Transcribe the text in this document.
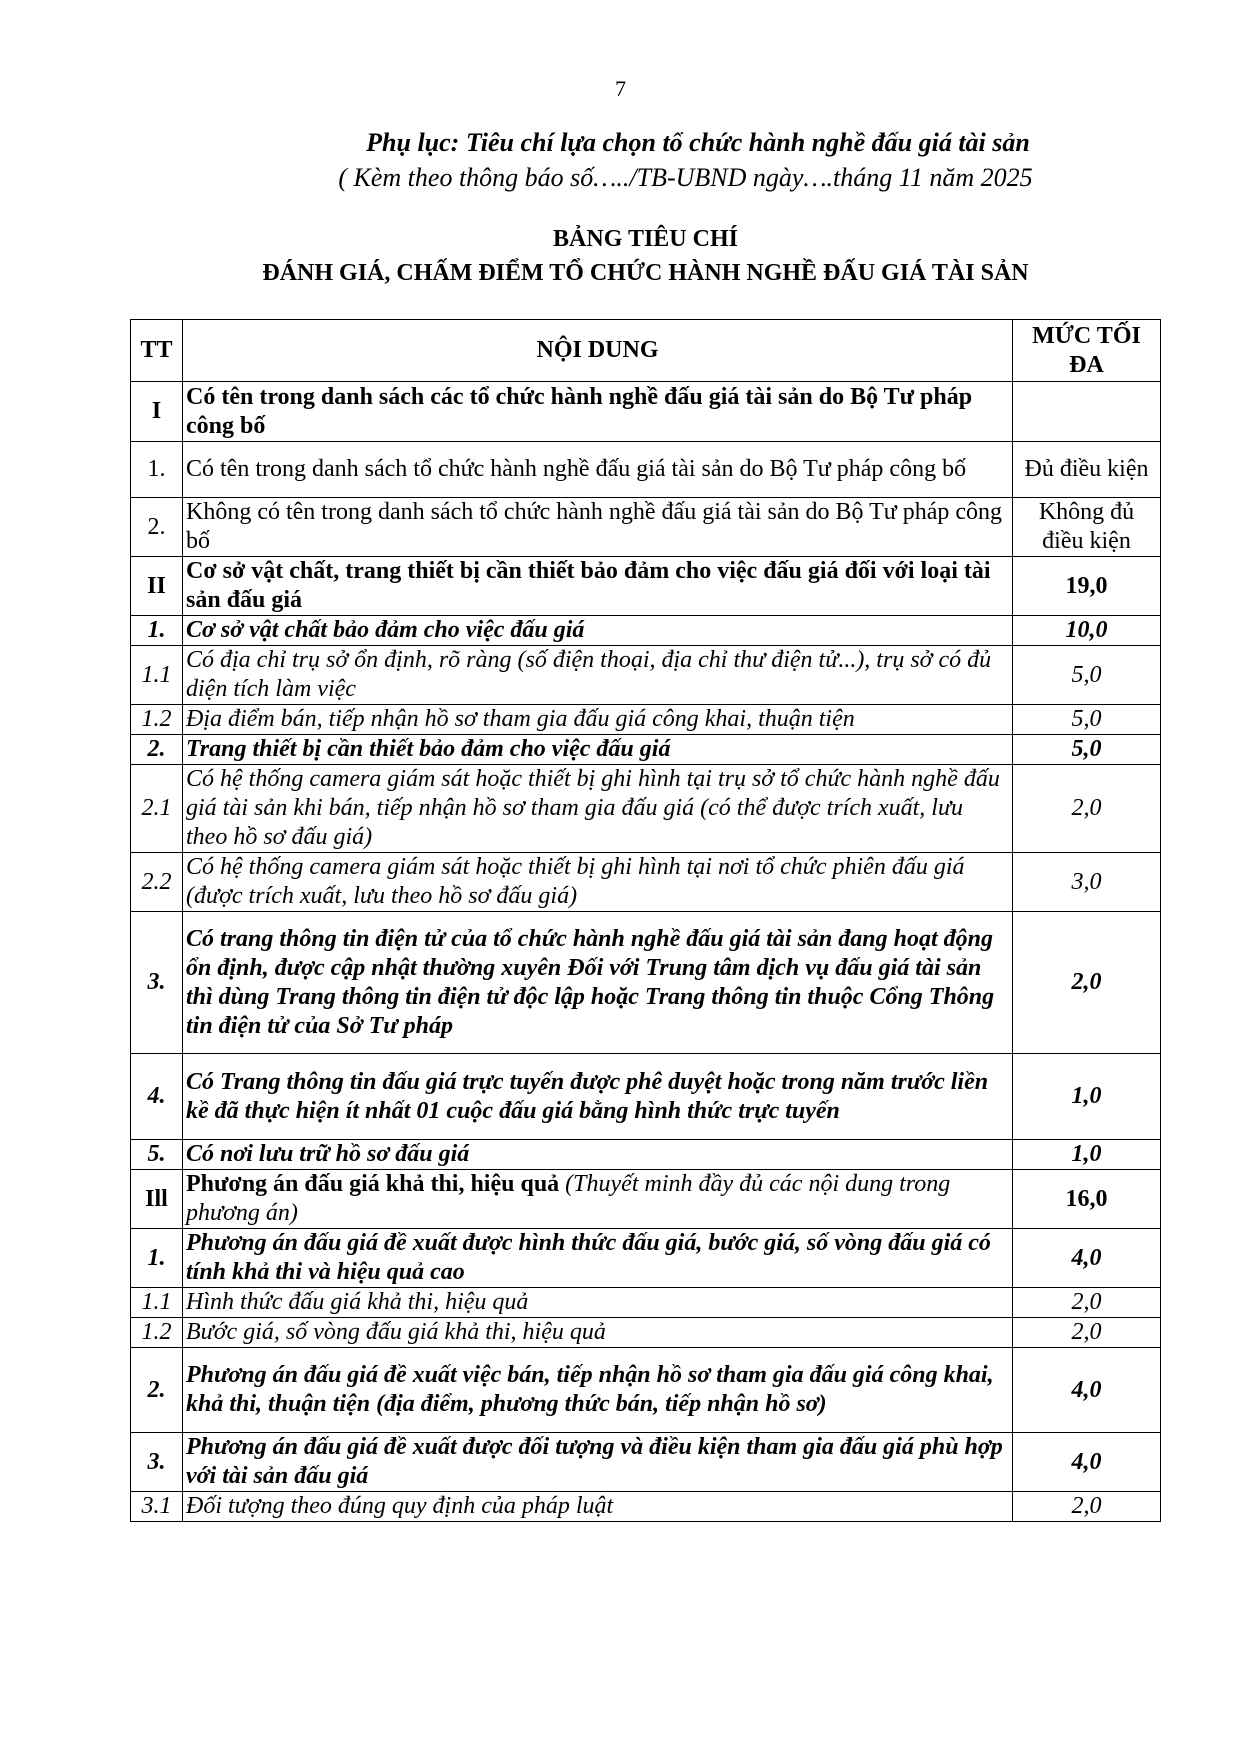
7
Phụ lục: Tiêu chí lựa chọn tổ chức hành nghề đấu giá tài sản
( Kèm theo thông báo số…../TB-UBND ngày….tháng 11 năm 2025
BẢNG TIÊU CHÍ
ĐÁNH GIÁ, CHẤM ĐIỂM TỔ CHỨC HÀNH NGHỀ ĐẤU GIÁ TÀI SẢN
TT	NỘI DUNG	MỨC TỐI ĐA
I	Có tên trong danh sách các tổ chức hành nghề đấu giá tài sản do Bộ Tư pháp công bố	
1.	Có tên trong danh sách tổ chức hành nghề đấu giá tài sản do Bộ Tư pháp công bố	Đủ điều kiện
2.	Không có tên trong danh sách tổ chức hành nghề đấu giá tài sản do Bộ Tư pháp công bố	Không đủ điều kiện
II	Cơ sở vật chất, trang thiết bị cần thiết bảo đảm cho việc đấu giá đối với loại tài sản đấu giá	19,0
1.	Cơ sở vật chất bảo đảm cho việc đấu giá	10,0
1.1	Có địa chỉ trụ sở ổn định, rõ ràng (số điện thoại, địa chỉ thư điện tử...), trụ sở có đủ diện tích làm việc	5,0
1.2	Địa điểm bán, tiếp nhận hồ sơ tham gia đấu giá công khai, thuận tiện	5,0
2.	Trang thiết bị cần thiết bảo đảm cho việc đấu giá	5,0
2.1	Có hệ thống camera giám sát hoặc thiết bị ghi hình tại trụ sở tổ chức hành nghề đấu giá tài sản khi bán, tiếp nhận hồ sơ tham gia đấu giá (có thể được trích xuất, lưu theo hồ sơ đấu giá)	2,0
2.2	Có hệ thống camera giám sát hoặc thiết bị ghi hình tại nơi tổ chức phiên đấu giá (được trích xuất, lưu theo hồ sơ đấu giá)	3,0
3.	Có trang thông tin điện tử của tổ chức hành nghề đấu giá tài sản đang hoạt động ổn định, được cập nhật thường xuyên Đối với Trung tâm dịch vụ đấu giá tài sản thì dùng Trang thông tin điện tử độc lập hoặc Trang thông tin thuộc Cổng Thông tin điện tử của Sở Tư pháp	2,0
4.	Có Trang thông tin đấu giá trực tuyến được phê duyệt hoặc trong năm trước liền kề đã thực hiện ít nhất 01 cuộc đấu giá bằng hình thức trực tuyến	1,0
5.	Có nơi lưu trữ hồ sơ đấu giá	1,0
Ill	Phương án đấu giá khả thi, hiệu quả (Thuyết minh đầy đủ các nội dung trong phương án)	16,0
1.	Phương án đấu giá đề xuất được hình thức đấu giá, bước giá, số vòng đấu giá có tính khả thi và hiệu quả cao	4,0
1.1	Hình thức đấu giá khả thi, hiệu quả	2,0
1.2	Bước giá, số vòng đấu giá khả thi, hiệu quả	2,0
2.	Phương án đấu giá đề xuất việc bán, tiếp nhận hồ sơ tham gia đấu giá công khai, khả thi, thuận tiện (địa điểm, phương thức bán, tiếp nhận hồ sơ)	4,0
3.	Phương án đấu giá đề xuất được đối tượng và điều kiện tham gia đấu giá phù hợp với tài sản đấu giá	4,0
3.1	Đối tượng theo đúng quy định của pháp luật	2,0
